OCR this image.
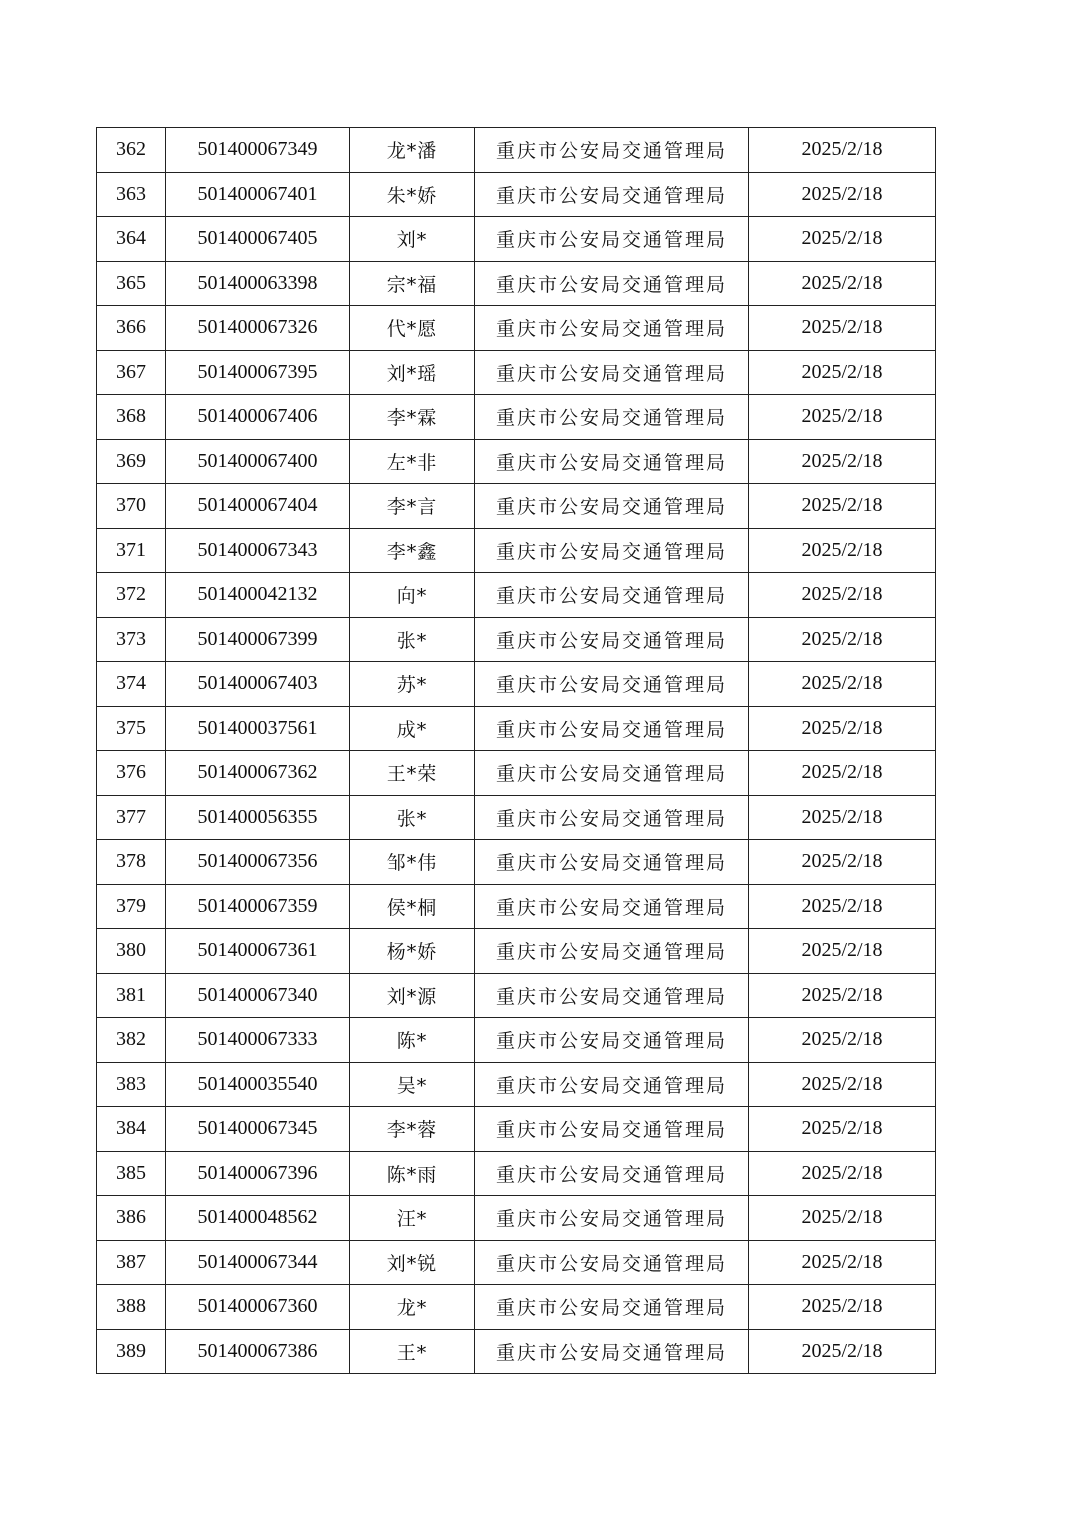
362	501400067349	龙*潘	重庆市公安局交通管理局	2025/2/18
363	501400067401	朱*娇	重庆市公安局交通管理局	2025/2/18
364	501400067405	刘*	重庆市公安局交通管理局	2025/2/18
365	501400063398	宗*福	重庆市公安局交通管理局	2025/2/18
366	501400067326	代*愿	重庆市公安局交通管理局	2025/2/18
367	501400067395	刘*瑶	重庆市公安局交通管理局	2025/2/18
368	501400067406	李*霖	重庆市公安局交通管理局	2025/2/18
369	501400067400	左*非	重庆市公安局交通管理局	2025/2/18
370	501400067404	李*言	重庆市公安局交通管理局	2025/2/18
371	501400067343	李*鑫	重庆市公安局交通管理局	2025/2/18
372	501400042132	向*	重庆市公安局交通管理局	2025/2/18
373	501400067399	张*	重庆市公安局交通管理局	2025/2/18
374	501400067403	苏*	重庆市公安局交通管理局	2025/2/18
375	501400037561	成*	重庆市公安局交通管理局	2025/2/18
376	501400067362	王*荣	重庆市公安局交通管理局	2025/2/18
377	501400056355	张*	重庆市公安局交通管理局	2025/2/18
378	501400067356	邹*伟	重庆市公安局交通管理局	2025/2/18
379	501400067359	侯*桐	重庆市公安局交通管理局	2025/2/18
380	501400067361	杨*娇	重庆市公安局交通管理局	2025/2/18
381	501400067340	刘*源	重庆市公安局交通管理局	2025/2/18
382	501400067333	陈*	重庆市公安局交通管理局	2025/2/18
383	501400035540	吴*	重庆市公安局交通管理局	2025/2/18
384	501400067345	李*蓉	重庆市公安局交通管理局	2025/2/18
385	501400067396	陈*雨	重庆市公安局交通管理局	2025/2/18
386	501400048562	汪*	重庆市公安局交通管理局	2025/2/18
387	501400067344	刘*锐	重庆市公安局交通管理局	2025/2/18
388	501400067360	龙*	重庆市公安局交通管理局	2025/2/18
389	501400067386	王*	重庆市公安局交通管理局	2025/2/18
